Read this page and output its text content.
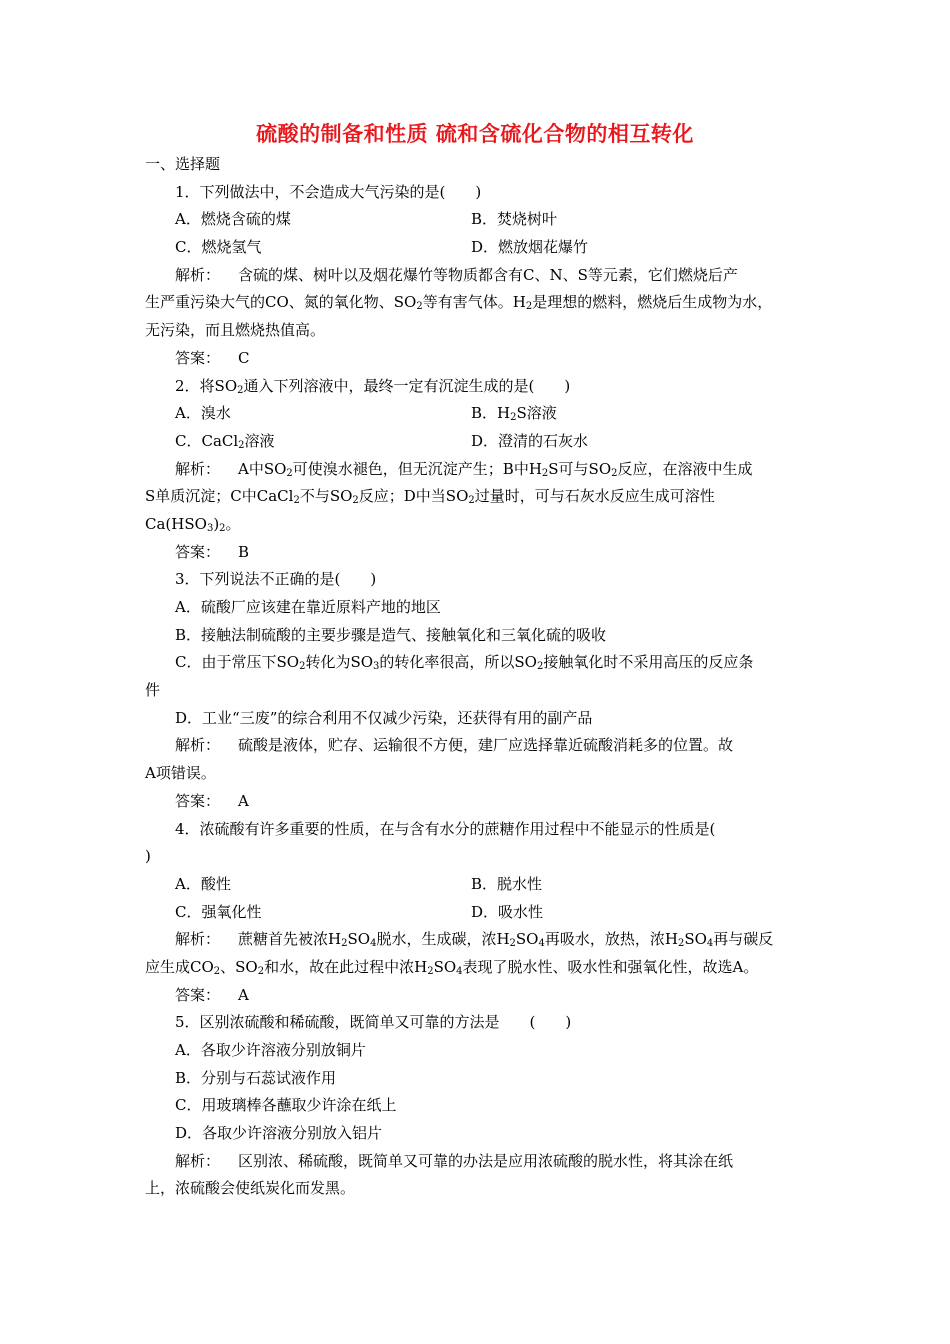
硫酸的制备和性质 硫和含硫化合物的相互转化
一、选择题
1．下列做法中，不会造成大气污染的是(　　)
A．燃烧含硫的煤	B．焚烧树叶
C．燃烧氢气	D．燃放烟花爆竹
解析： 含硫的煤、树叶以及烟花爆竹等物质都含有C、N、S等元素，它们燃烧后产
生严重污染大气的CO、氮的氧化物、$SO_2$等有害气体。$H_2$是理想的燃料，燃烧后生成物为水，
无污染，而且燃烧热值高。
答案： C
2．将$SO_2$通入下列溶液中，最终一定有沉淀生成的是(　　)
A．溴水	B．$H_2S$溶液
C．CaCl$_2$溶液	D．澄清的石灰水
解析： A中$SO_2$可使溴水褪色，但无沉淀产生；B中$H_2S$可与$SO_2$反应，在溶液中生成
S单质沉淀；C中CaCl$_2$不与$SO_2$反应；D中当$SO_2$过量时，可与石灰水反应生成可溶性
$Ca(HSO_3)_2$。
答案： B
3．下列说法不正确的是(　　)
A．硫酸厂应该建在靠近原料产地的地区
B．接触法制硫酸的主要步骤是造气、接触氧化和三氧化硫的吸收
C．由于常压下$SO_2$转化为$SO_3$的转化率很高，所以$SO_2$接触氧化时不采用高压的反应条
件
D．工业“三废”的综合利用不仅减少污染，还获得有用的副产品
解析： 硫酸是液体，贮存、运输很不方便，建厂应选择靠近硫酸消耗多的位置。故
A项错误。
答案： A
4．浓硫酸有许多重要的性质，在与含有水分的蔗糖作用过程中不能显示的性质是(
)
A．酸性	B．脱水性
C．强氧化性	D．吸水性
解析： 蔗糖首先被浓$H_2SO_4$脱水，生成碳，浓$H_2SO_4$再吸水，放热，浓$H_2SO_4$再与碳反
应生成$CO_2$、$SO_2$和水，故在此过程中浓$H_2SO_4$表现了脱水性、吸水性和强氧化性，故选A。
答案： A
5．区别浓硫酸和稀硫酸，既简单又可靠的方法是　　(　　)
A．各取少许溶液分别放铜片
B．分别与石蕊试液作用
C．用玻璃棒各蘸取少许涂在纸上
D．各取少许溶液分别放入铝片
解析： 区别浓、稀硫酸，既简单又可靠的办法是应用浓硫酸的脱水性，将其涂在纸
上，浓硫酸会使纸炭化而发黑。
